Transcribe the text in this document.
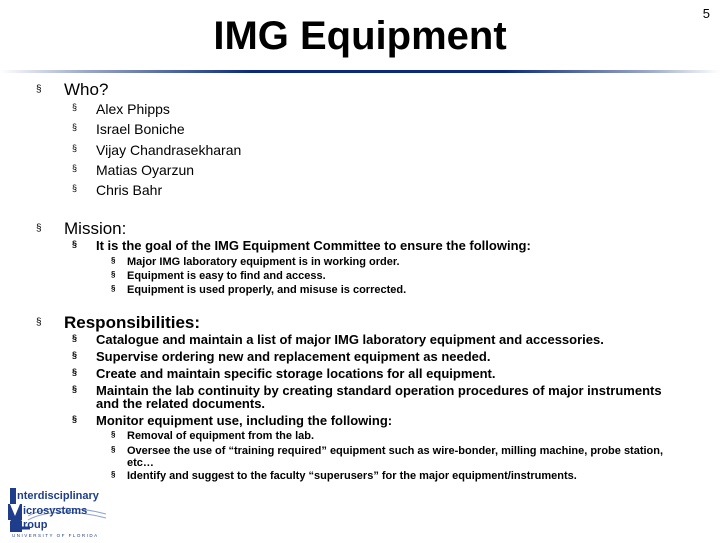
IMG Equipment
5
§ Who?
§ Alex Phipps
§ Israel Boniche
§ Vijay Chandrasekharan
§ Matias Oyarzun
§ Chris Bahr
§ Mission:
§ It is the goal of the IMG Equipment Committee to ensure the following:
§ Major IMG laboratory equipment is in working order.
§ Equipment is easy to find and access.
§ Equipment is used properly, and misuse is corrected.
§ Responsibilities:
§ Catalogue and maintain a list of major IMG laboratory equipment and accessories.
§ Supervise ordering new and replacement equipment as needed.
§ Create and maintain specific storage locations for all equipment.
§ Maintain the lab continuity by creating standard operation procedures of major instruments
and the related documents.
§ Monitor equipment use, including the following:
§ Removal of equipment from the lab.
§ Oversee the use of “training required” equipment such as wire-bonder, milling machine, probe station,
etc…
§ Identify and suggest to the faculty “superusers” for the major equipment/instruments.
nterdisciplinary
icrosystems
roup
UNIVERSITY OF FLORIDA
